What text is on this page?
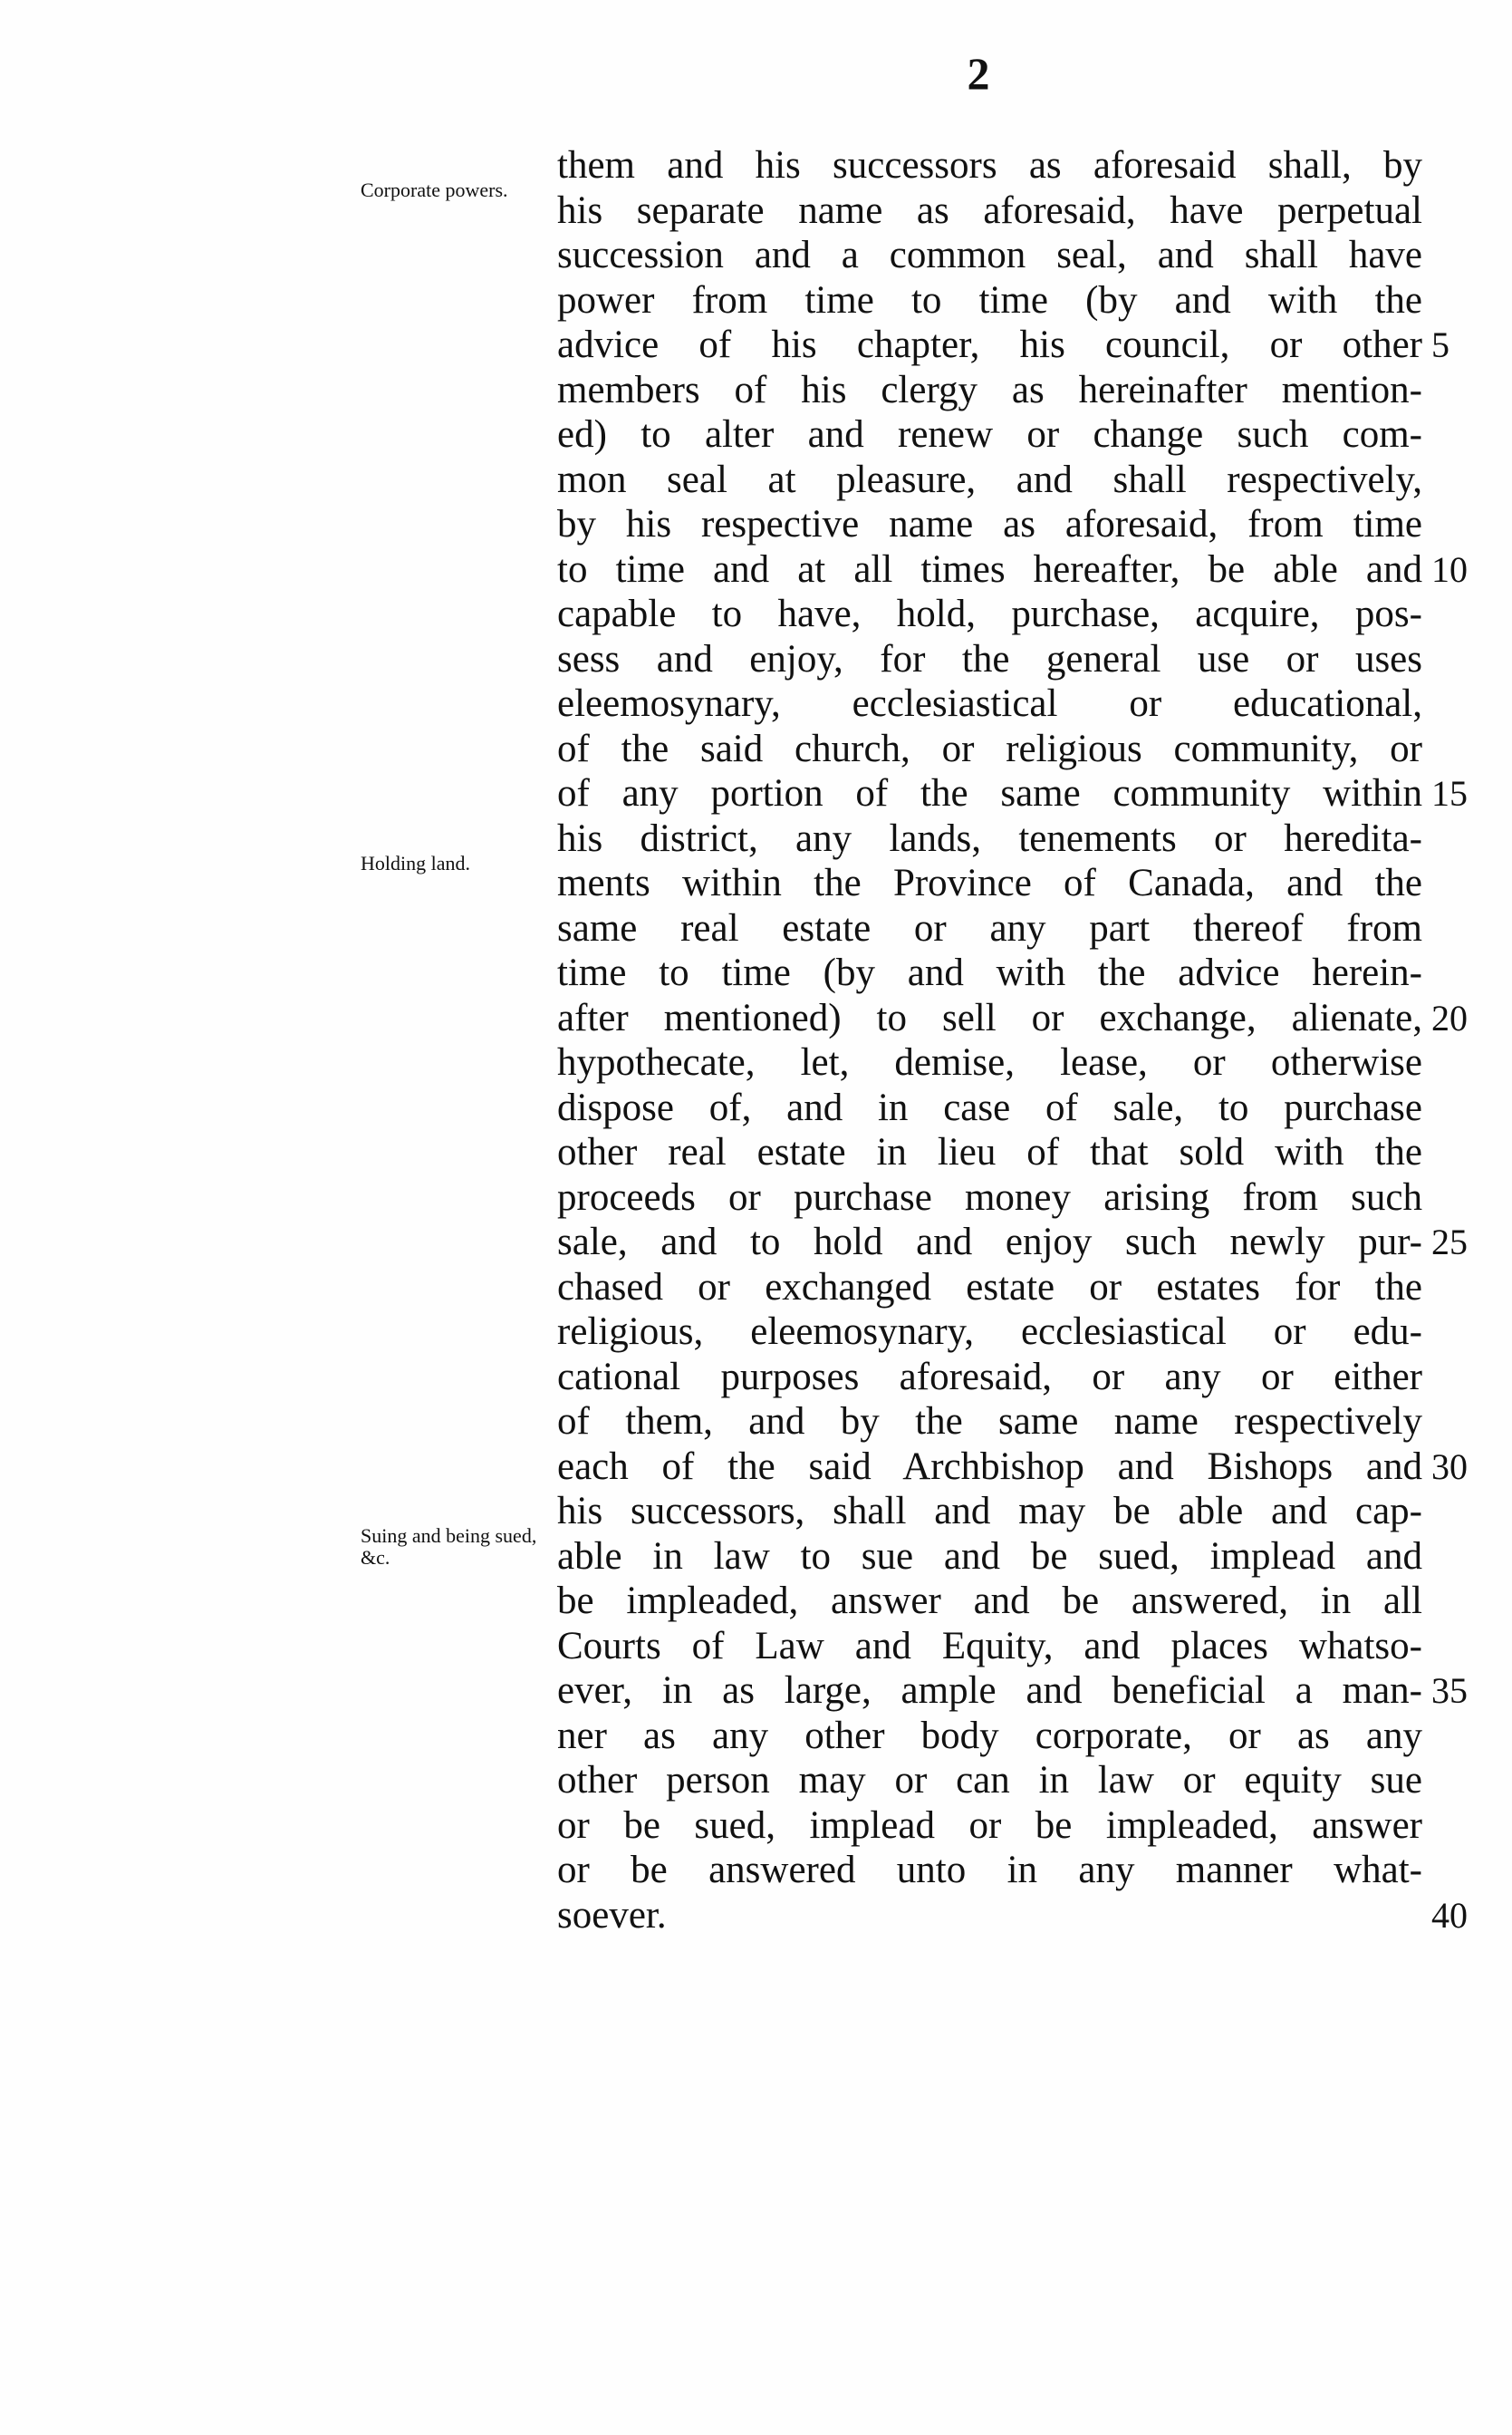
2
them and his successors as aforesaid shall, by
his separate name as aforesaid, have perpetual
succession and a common seal, and shall have
power from time to time (by and with the
advice of his chapter, his council, or other
members of his clergy as hereinafter mention-
ed) to alter and renew or change such com-
mon seal at pleasure, and shall respectively,
by his respective name as aforesaid, from time
to time and at all times hereafter, be able and
capable to have, hold, purchase, acquire, pos-
sess and enjoy, for the general use or uses
eleemosynary, ecclesiastical or educational,
of the said church, or religious community, or
of any portion of the same community within
his district, any lands, tenements or heredita-
ments within the Province of Canada, and the
same real estate or any part thereof from
time to time (by and with the advice herein-
after mentioned) to sell or exchange, alienate,
hypothecate, let, demise, lease, or otherwise
dispose of, and in case of sale, to purchase
other real estate in lieu of that sold with the
proceeds or purchase money arising from such
sale, and to hold and enjoy such newly pur-
chased or exchanged estate or estates for the
religious, eleemosynary, ecclesiastical or edu-
cational purposes aforesaid, or any or either
of them, and by the same name respectively
each of the said Archbishop and Bishops and
his successors, shall and may be able and cap-
able in law to sue and be sued, implead and
be impleaded, answer and be answered, in all
Courts of Law and Equity, and places whatso-
ever, in as large, ample and beneficial a man-
ner as any other body corporate, or as any
other person may or can in law or equity sue
or be sued, implead or be impleaded, answer
or be answered unto in any manner what-
soever.
5
10
15
20
25
30
35
40
Corporate powers.
Holding land.
Suing and being sued, &c.
